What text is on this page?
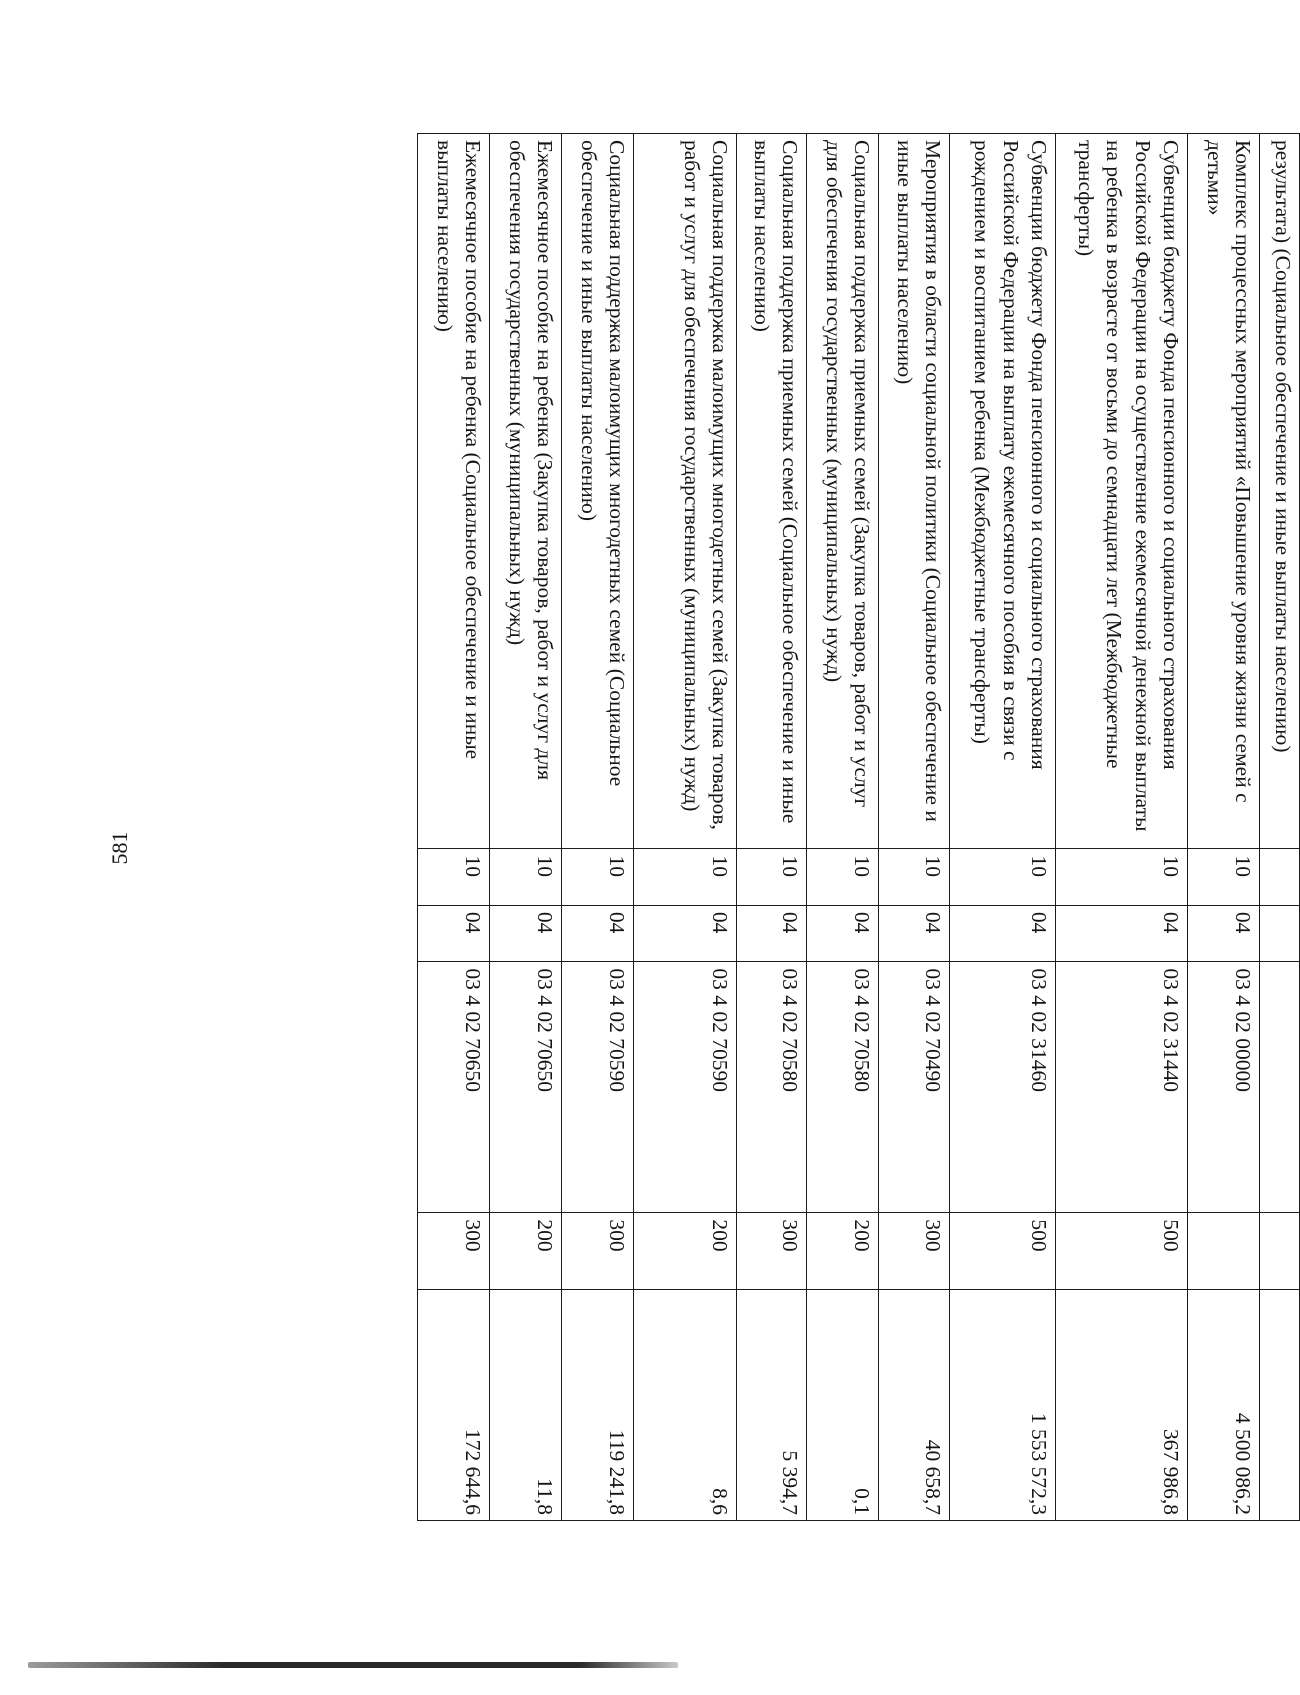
581
результата) (Социальное обеспечение и иные выплаты населению)					
Комплекс процессных мероприятий «Повышение уровня жизни семей с детьми»	10	04	03 4 02 00000		4 500 086,2
Субвенции бюджету Фонда пенсионного и социального страхования Российской Федерации на осуществление ежемесячной денежной выплаты на ребенка в возрасте от восьми до семнадцати лет (Межбюджетные трансферты)	10	04	03 4 02 31440	500	367 986,8
Субвенции бюджету Фонда пенсионного и социального страхования Российской Федерации на выплату ежемесячного пособия в связи с рождением и воспитанием ребенка (Межбюджетные трансферты)	10	04	03 4 02 31460	500	1 553 572,3
Мероприятия в области социальной политики (Социальное обеспечение и иные выплаты населению)	10	04	03 4 02 70490	300	40 658,7
Социальная поддержка приемных семей (Закупка товаров, работ и услуг для обеспечения государственных (муниципальных) нужд)	10	04	03 4 02 70580	200	0,1
Социальная поддержка приемных семей (Социальное обеспечение и иные выплаты населению)	10	04	03 4 02 70580	300	5 394,7
Социальная поддержка малоимущих многодетных семей (Закупка товаров, работ и услуг для обеспечения государственных (муниципальных) нужд)	10	04	03 4 02 70590	200	8,6
Социальная поддержка малоимущих многодетных семей (Социальное обеспечение и иные выплаты населению)	10	04	03 4 02 70590	300	119 241,8
Ежемесячное пособие на ребенка (Закупка товаров, работ и услуг для обеспечения государственных (муниципальных) нужд)	10	04	03 4 02 70650	200	11,8
Ежемесячное пособие на ребенка (Социальное обеспечение и иные выплаты населению)	10	04	03 4 02 70650	300	172 644,6
